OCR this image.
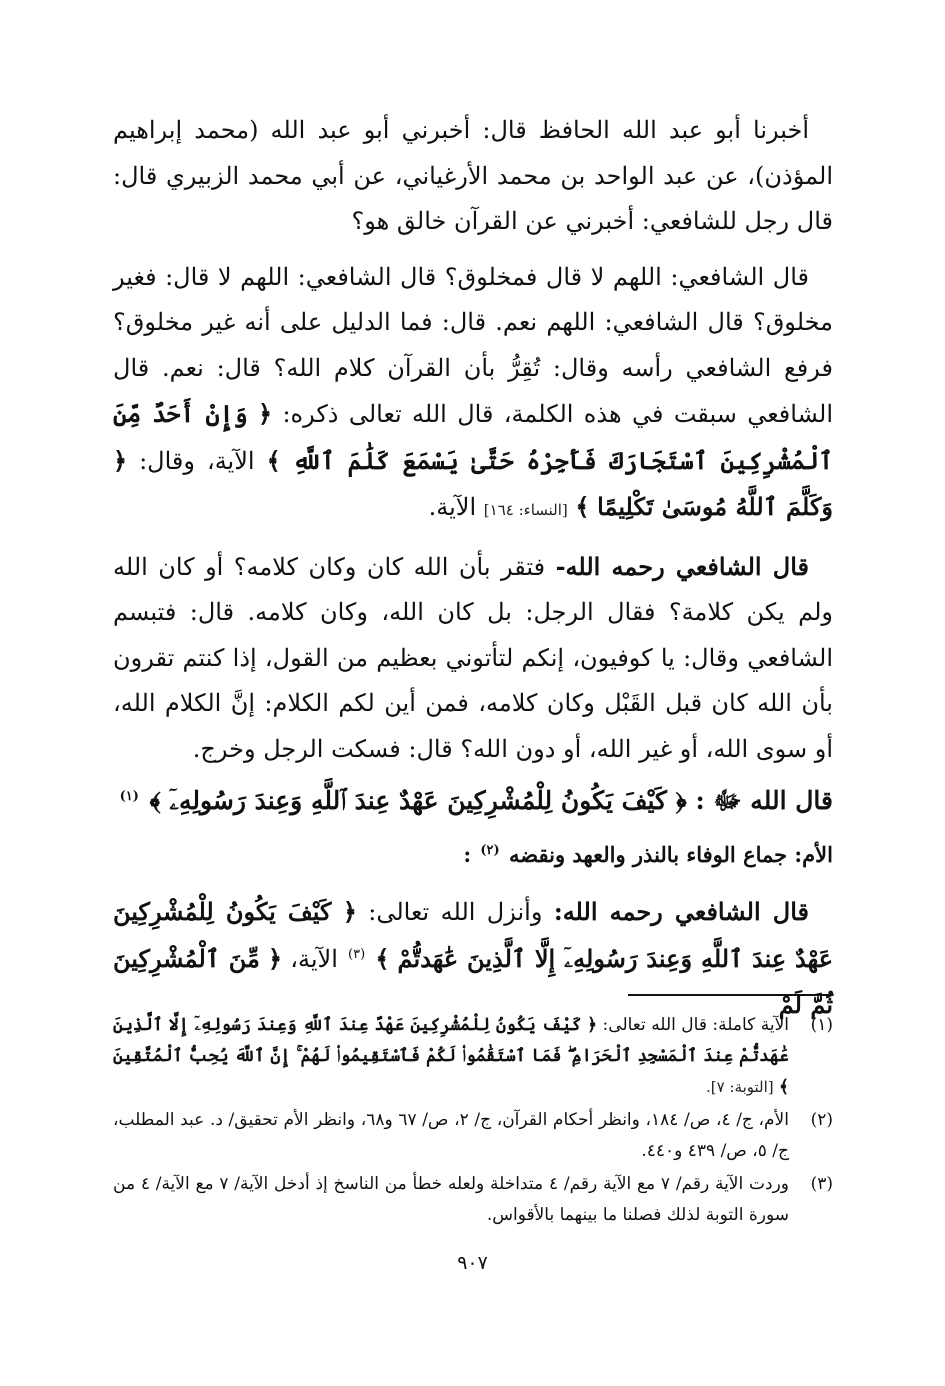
أخبرنا أبو عبد الله الحافظ قال: أخبرني أبو عبد الله (محمد إبراهيم المؤذن)، عن عبد الواحد بن محمد الأرغياني، عن أبي محمد الزبيري قال: قال رجل للشافعي: أخبرني عن القرآن خالق هو؟

قال الشافعي: اللهم لا قال فمخلوق؟ قال الشافعي: اللهم لا قال: فغير مخلوق؟ قال الشافعي: اللهم نعم. قال: فما الدليل على أنه غير مخلوق؟ فرفع الشافعي رأسه وقال: تُقِرُّ بأن القرآن كلام الله؟ قال: نعم. قال الشافعي سبقت في هذه الكلمة، قال الله تعالى ذكره: ﴿ وَإِنْ أَحَدٌ مِّنَ ٱلْمُشْرِكِينَ ٱسْتَجَارَكَ فَأَجِرْهُ حَتَّىٰ يَسْمَعَ كَلَٰمَ ٱللَّهِ ﴾ الآية، وقال: ﴿ وَكَلَّمَ ٱللَّهُ مُوسَىٰ تَكْلِيمًا ﴾ [النساء: ١٦٤] الآية.

قال الشافعي رحمه الله- فتقر بأن الله كان وكان كلامه؟ أو كان الله ولم يكن كلامة؟ فقال الرجل: بل كان الله، وكان كلامه. قال: فتبسم الشافعي وقال: يا كوفيون، إنكم لتأتوني بعظيم من القول، إذا كنتم تقرون بأن الله كان قبل القَبْل وكان كلامه، فمن أين لكم الكلام: إنَّ الكلام الله، أو سوى الله، أو غير الله، أو دون الله؟ قال: فسكت الرجل وخرج.

قال الله ﷻ : ﴿ كَيْفَ يَكُونُ لِلْمُشْرِكِينَ عَهْدٌ عِندَ ٱللَّهِ وَعِندَ رَسُولِهِۦٓ ﴾ $^{(١)}$

الأم: جماع الوفاء بالنذر والعهد ونقضه $^{(٢)}$ :

قال الشافعي رحمه الله: وأنزل الله تعالى: ﴿ كَيْفَ يَكُونُ لِلْمُشْرِكِينَ عَهْدٌ عِندَ ٱللَّهِ وَعِندَ رَسُولِهِۦٓ إِلَّا ٱلَّذِينَ عَٰهَدتُّمْ ﴾ $^{(٣)}$ الآية، ﴿ مِّنَ ٱلْمُشْرِكِينَ ثُمَّ لَمْ

(١)
الآية كاملة: قال الله تعالى: ﴿ كَيْفَ يَكُونُ لِلْمُشْرِكِينَ عَهْدٌ عِندَ ٱللَّهِ وَعِندَ رَسُولِهِۦٓ إِلَّا ٱلَّذِينَ عَٰهَدتُّمْ عِندَ ٱلْمَسْجِدِ ٱلْحَرَامِ ۖ فَمَا ٱسْتَقَٰمُوا۟ لَكُمْ فَٱسْتَقِيمُوا۟ لَهُمْ ۚ إِنَّ ٱللَّهَ يُحِبُّ ٱلْمُتَّقِينَ ﴾ [التوبة: ٧].
(٢)
الأم، ج/ ٤، ص/ ١٨٤، وانظر أحكام القرآن، ج/ ٢، ص/ ٦٧ و٦٨، وانظر الأم تحقيق/ د. عبد المطلب، ج/ ٥، ص/ ٤٣٩ و٤٤٠.
(٣)
وردت الآية رقم/ ٧ مع الآية رقم/ ٤ متداخلة ولعله خطأ من الناسخ إذ أدخل الآية/ ٧ مع الآية/ ٤ من سورة التوبة لذلك فصلنا ما بينهما بالأقواس.
٩٠٧
